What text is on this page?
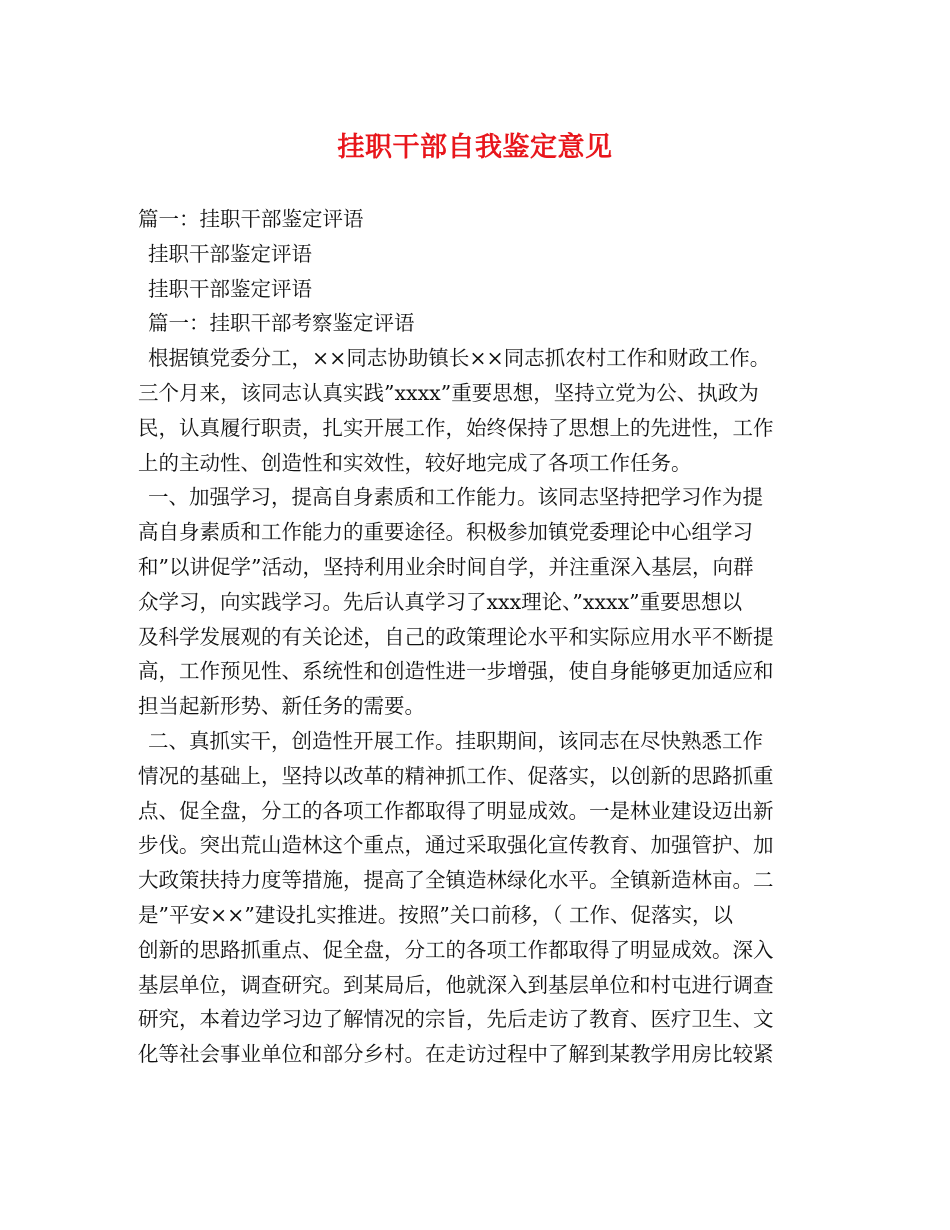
挂职干部自我鉴定意见
篇一：挂职干部鉴定评语
挂职干部鉴定评语
挂职干部鉴定评语
篇一：挂职干部考察鉴定评语
根据镇党委分工，××同志协助镇长××同志抓农村工作和财政工作。
三个月来，该同志认真实践”xxxx”重要思想，坚持立党为公、执政为
民，认真履行职责，扎实开展工作，始终保持了思想上的先进性，工作
上的主动性、创造性和实效性，较好地完成了各项工作任务。
一、加强学习，提高自身素质和工作能力。该同志坚持把学习作为提
高自身素质和工作能力的重要途径。积极参加镇党委理论中心组学习
和”以讲促学”活动，坚持利用业余时间自学，并注重深入基层，向群
众学习，向实践学习。先后认真学习了xxx理论、”xxxx”重要思想以
及科学发展观的有关论述，自己的政策理论水平和实际应用水平不断提
高，工作预见性、系统性和创造性进一步增强，使自身能够更加适应和
担当起新形势、新任务的需要。
二、真抓实干，创造性开展工作。挂职期间，该同志在尽快熟悉工作
情况的基础上，坚持以改革的精神抓工作、促落实，以创新的思路抓重
点、促全盘，分工的各项工作都取得了明显成效。一是林业建设迈出新
步伐。突出荒山造林这个重点，通过采取强化宣传教育、加强管护、加
大政策扶持力度等措施，提高了全镇造林绿化水平。全镇新造林亩。二
是”平安××”建设扎实推进。按照”关口前移，（ 工作、促落实，以
创新的思路抓重点、促全盘，分工的各项工作都取得了明显成效。深入
基层单位，调查研究。到某局后，他就深入到基层单位和村屯进行调查
研究，本着边学习边了解情况的宗旨，先后走访了教育、医疗卫生、文
化等社会事业单位和部分乡村。在走访过程中了解到某教学用房比较紧
